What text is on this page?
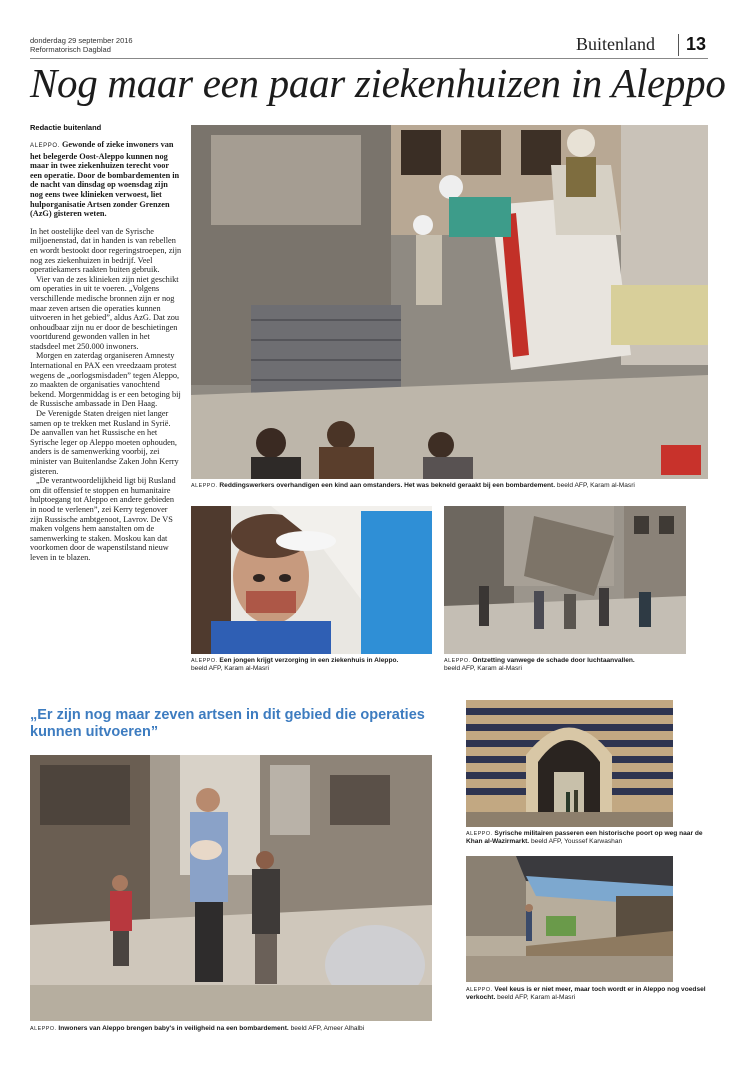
donderdag 29 september 2016
Reformatorisch Dagblad	Buitenland 13
Nog maar een paar ziekenhuizen in Aleppo
Redactie buitenland
ALEPPO. Gewonde of zieke inwoners van het belegerde Oost-Aleppo kunnen nog maar in twee ziekenhuizen terecht voor een operatie. Door de bombardementen in de nacht van dinsdag op woensdag zijn nog eens twee klinieken verwoest, liet hulporganisatie Artsen zonder Grenzen (AzG) gisteren weten.

In het oostelijke deel van de Syrische miljoenenstad, dat in handen is van rebellen en wordt bestookt door regeringstroepen, zijn nog zes ziekenhuizen in bedrijf. Veel operatiekamers raakten buiten gebruik.

Vier van de zes klinieken zijn niet geschikt om operaties in uit te voeren. „Volgens verschillende medische bronnen zijn er nog maar zeven artsen die operaties kunnen uitvoeren in het gebied”, aldus AzG. Dat zou onhoudbaar zijn nu er door de beschietingen voortdurend gewonden vallen in het stadsdeel met 250.000 inwoners.

Morgen en zaterdag organiseren Amnesty International en PAX een vreedzaam protest wegens de „oorlogsmisdaden” tegen Aleppo, zo maakten de organisaties vanochtend bekend. Morgenmiddag is er een betoging bij de Russische ambassade in Den Haag.

De Verenigde Staten dreigen niet langer samen op te trekken met Rusland in Syrië. De aanvallen van het Russische en het Syrische leger op Aleppo moeten ophouden, anders is de samenwerking voorbij, zei minister van Buitenlandse Zaken John Kerry gisteren.

„De verantwoordelijkheid ligt bij Rusland om dit offensief te stoppen en humanitaire hulptoegang tot Aleppo en andere gebieden in nood te verlenen”, zei Kerry tegenover zijn Russische ambtgenoot, Lavrov. De VS maken volgens hem aanstalten om de samenwerking te staken. Moskou kan dat voorkomen door de wapenstilstand nieuw leven in te blazen.

ALEPPO. Reddingswerkers overhandigen een kind aan omstanders. Het was bekneld geraakt bij een bombardement. beeld AFP, Karam al-Masri
ALEPPO. Een jongen krijgt verzorging in een ziekenhuis in Aleppo.
beeld AFP, Karam al-Masri
ALEPPO. Ontzetting vanwege de schade door luchtaanvallen.
beeld AFP, Karam al-Masri
„Er zijn nog maar zeven artsen in dit gebied die operaties kunnen uitvoeren”
ALEPPO. Inwoners van Aleppo brengen baby's in veiligheid na een bombardement. beeld AFP, Ameer Alhalbi
ALEPPO. Syrische militairen passeren een historische poort op weg naar de Khan al-Wazirmarkt. beeld AFP, Youssef Karwashan
ALEPPO. Veel keus is er niet meer, maar toch wordt er in Aleppo nog voedsel verkocht. beeld AFP, Karam al-Masri
